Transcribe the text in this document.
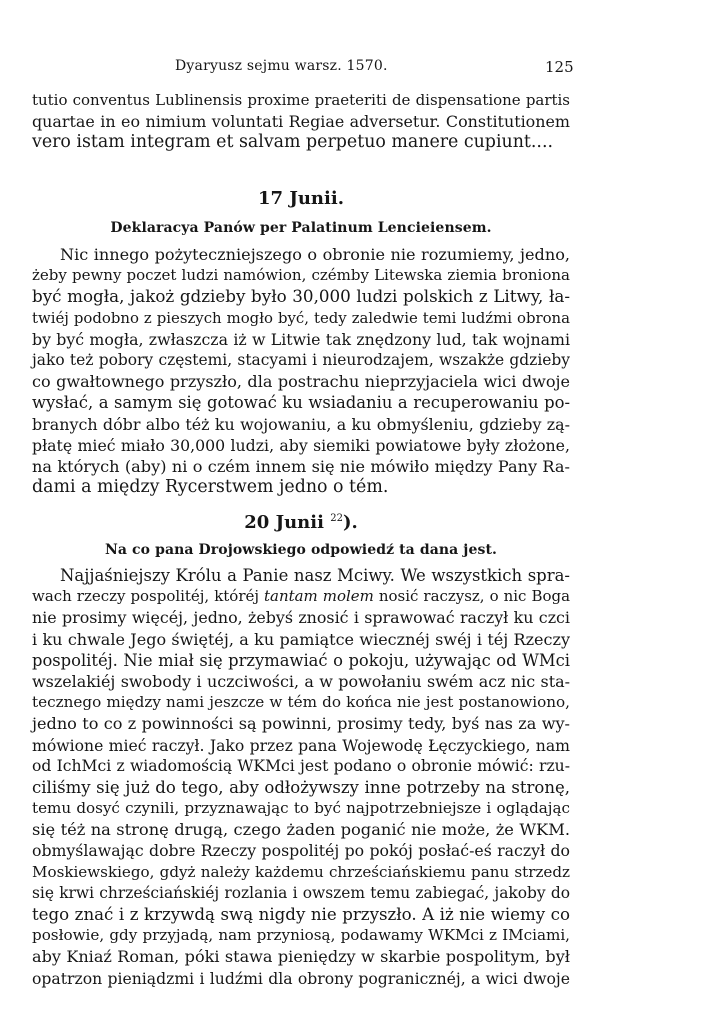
Dyaryusz sejmu warsz. 1570.	125
tutio conventus Lublinensis proxime praeteriti de dispensatione partis
quartae in eo nimium voluntati Regiae adversetur. Constitutionem
vero istam integram et salvam perpetuo manere cupiunt....
17 Junii.
Deklaracya Panów per Palatinum Lencieiensem.
Nic innego pożyteczniejszego o obronie nie rozumiemy, jedno,
żeby pewny poczet ludzi namówion, czémby Litewska ziemia broniona
być mogła, jakoż gdzieby było 30,000 ludzi polskich z Litwy, ła-
twiéj podobno z pieszych mogło być, tedy zaledwie temi ludźmi obrona
by być mogła, zwłaszcza iż w Litwie tak znędzony lud, tak wojnami
jako też pobory częstemi, stacyami i nieurodzajem, wszakże gdzieby
co gwałtownego przyszło, dla postrachu nieprzyjaciela wici dwoje
wysłać, a samym się gotować ku wsiadaniu a recuperowaniu po-
branych dóbr albo téż ku wojowaniu, a ku obmyśleniu, gdzieby zą-
płatę mieć miało 30,000 ludzi, aby siemiki powiatowe były złożone,
na których (aby) ni o czém innem się nie mówiło między Pany Ra-
dami a między Rycerstwem jedno o tém.
20 Junii $^{22}$).
Na co pana Drojowskiego odpowiedź ta dana jest.
Najjaśniejszy Królu a Panie nasz Mciwy. We wszystkich spra-
wach rzeczy pospolitéj, któréj tantam molem nosić raczysz, o nic Boga
nie prosimy więcéj, jedno, żebyś znosić i sprawować raczył ku czci
i ku chwale Jego świętéj, a ku pamiątce wiecznéj swéj i téj Rzeczy
pospolitéj. Nie miał się przymawiać o pokoju, używając od WMci
wszelakiéj swobody i uczciwości, a w powołaniu swém acz nic sta-
tecznego między nami jeszcze w tém do końca nie jest postanowiono,
jedno to co z powinności są powinni, prosimy tedy, byś nas za wy-
mówione mieć raczył. Jako przez pana Wojewodę Łęczyckiego, nam
od IchMci z wiadomością WKMci jest podano o obronie mówić: rzu-
ciliśmy się już do tego, aby odłożywszy inne potrzeby na stronę,
temu dosyć czynili, przyznawając to być najpotrzebniejsze i oglądając
się téż na stronę drugą, czego żaden poganić nie może, że WKM.
obmyślawając dobre Rzeczy pospolitéj po pokój posłać-eś raczył do
Moskiewskiego, gdyż należy każdemu chrześciańskiemu panu strzedz
się krwi chrześciańskiéj rozlania i owszem temu zabiegać, jakoby do
tego znać i z krzywdą swą nigdy nie przyszło. A iż nie wiemy co
posłowie, gdy przyjadą, nam przyniosą, podawamy WKMci z IMciami,
aby Kniaź Roman, póki stawa pieniędzy w skarbie pospolitym, był
opatrzon pieniądzmi i ludźmi dla obrony pogranicznéj, a wici dwoje
